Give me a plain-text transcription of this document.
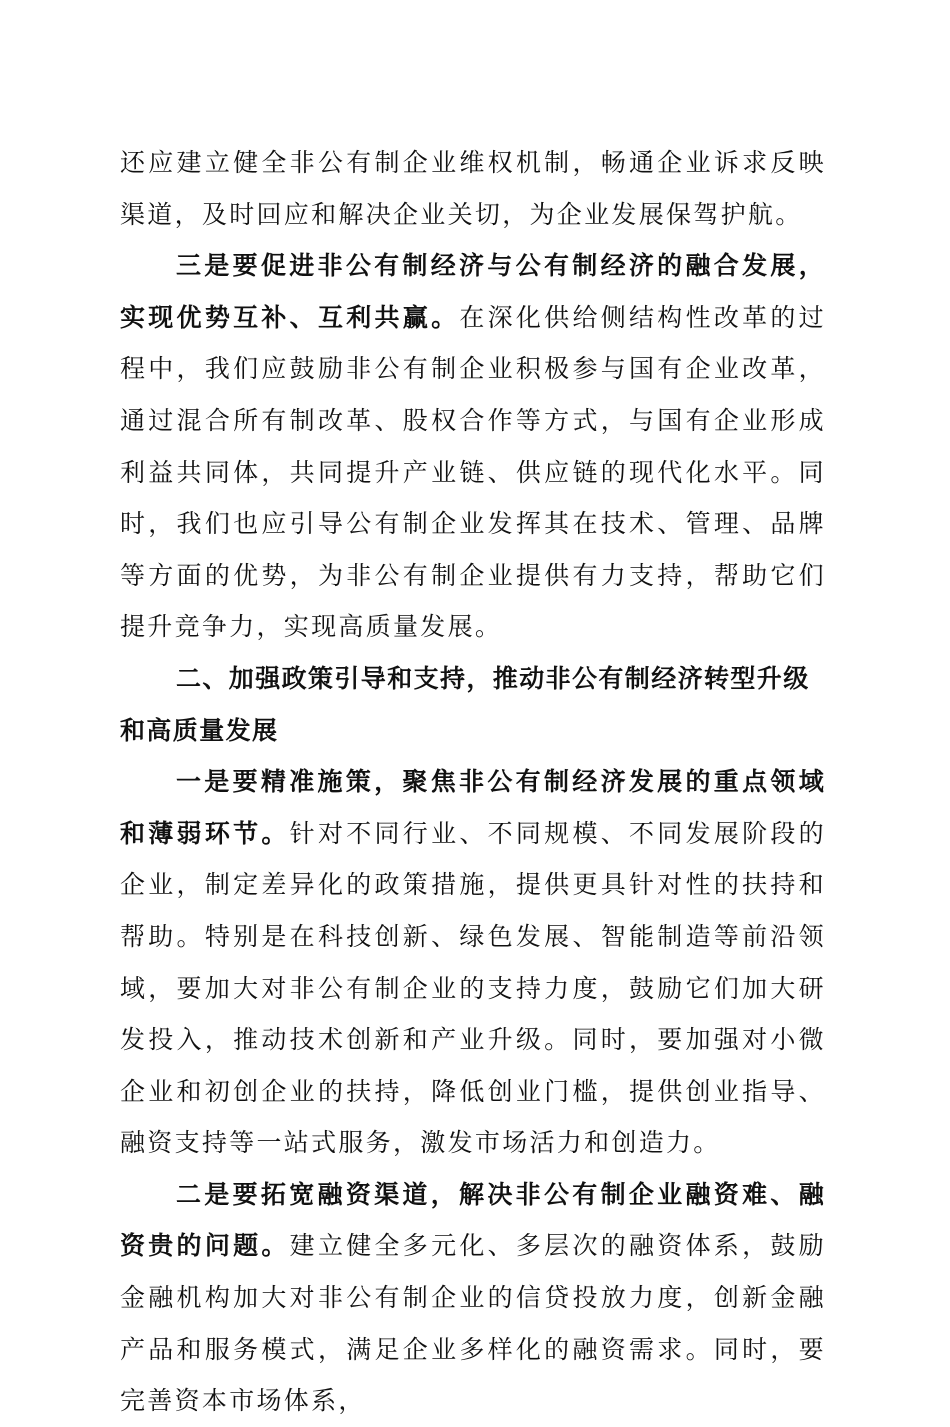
还应建立健全非公有制企业维权机制，畅通企业诉求反映渠道，及时回应和解决企业关切，为企业发展保驾护航。

三是要促进非公有制经济与公有制经济的融合发展，实现优势互补、互利共赢。在深化供给侧结构性改革的过程中，我们应鼓励非公有制企业积极参与国有企业改革，通过混合所有制改革、股权合作等方式，与国有企业形成利益共同体，共同提升产业链、供应链的现代化水平。同时，我们也应引导公有制企业发挥其在技术、管理、品牌等方面的优势，为非公有制企业提供有力支持，帮助它们提升竞争力，实现高质量发展。

二、加强政策引导和支持，推动非公有制经济转型升级和高质量发展

一是要精准施策，聚焦非公有制经济发展的重点领域和薄弱环节。针对不同行业、不同规模、不同发展阶段的企业，制定差异化的政策措施，提供更具针对性的扶持和帮助。特别是在科技创新、绿色发展、智能制造等前沿领域，要加大对非公有制企业的支持力度，鼓励它们加大研发投入，推动技术创新和产业升级。同时，要加强对小微企业和初创企业的扶持，降低创业门槛，提供创业指导、融资支持等一站式服务，激发市场活力和创造力。

二是要拓宽融资渠道，解决非公有制企业融资难、融资贵的问题。建立健全多元化、多层次的融资体系，鼓励金融机构加大对非公有制企业的信贷投放力度，创新金融产品和服务模式，满足企业多样化的融资需求。同时，要完善资本市场体系，
